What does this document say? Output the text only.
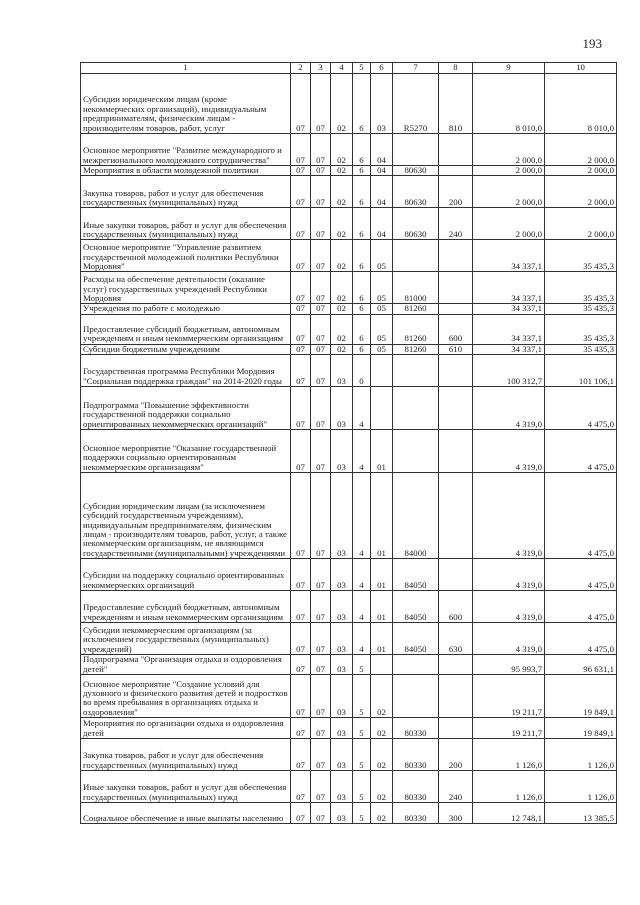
193
1	2	3	4	5	6	7	8	9	10
Субсидии юридическим лицам (кроме некоммерческих организаций), индивидуальным предпринимателям, физическим лицам - производителям товаров, работ, услуг	07	07	02	6	03	R5270	810	8 010,0	8 010,0
Основное мероприятие "Развитие международного и межрегионального молодежного сотрудничества"	07	07	02	6	04			2 000,0	2 000,0
Мероприятия в области молодежной политики	07	07	02	6	04	80630		2 000,0	2 000,0
Закупка товаров, работ и услуг для обеспечения государственных (муниципальных) нужд	07	07	02	6	04	80630	200	2 000,0	2 000,0
Иные закупки товаров, работ и услуг для обеспечения государственных (муниципальных) нужд	07	07	02	6	04	80630	240	2 000,0	2 000,0
Основное мероприятие "Управление развитием государственной молодежной политики Республики Мордовия"	07	07	02	6	05			34 337,1	35 435,3
Расходы на обеспечение деятельности (оказание услуг) государственных учреждений Республики Мордовия	07	07	02	6	05	81000		34 337,1	35 435,3
Учреждения по работе с молодежью	07	07	02	6	05	81260		34 337,1	35 435,3
Предоставление субсидий бюджетным, автономным учреждениям и иным некоммерческим организациям	07	07	02	6	05	81260	600	34 337,1	35 435,3
Субсидии бюджетным учреждениям	07	07	02	6	05	81260	610	34 337,1	35 435,3
Государственная программа Республики Мордовия "Социальная поддержка граждан" на 2014-2020 годы	07	07	03	0				100 312,7	101 106,1
Подпрограмма "Повышение эффективности государственной поддержки социально ориентированных некоммерческих организаций"	07	07	03	4				4 319,0	4 475,0
Основное мероприятие "Оказание государственной поддержки социально ориентированным некоммерческим организациям"	07	07	03	4	01			4 319,0	4 475,0
Субсидии юридическим лицам (за исключением субсидий государственным учреждениям), индивидуальным предпринимателям, физическим лицам - производителям товаров, работ, услуг, а также некоммерческим организациям, не являющимся государственными (муниципальными) учреждениями	07	07	03	4	01	84000		4 319,0	4 475,0
Субсидии на поддержку социально ориентированных некоммерческих организаций	07	07	03	4	01	84050		4 319,0	4 475,0
Предоставление субсидий бюджетным, автономным учреждениям и иным некоммерческим организациям	07	07	03	4	01	84050	600	4 319,0	4 475,0
Субсидии некоммерческим организациям (за исключением государственных (муниципальных) учреждений)	07	07	03	4	01	84050	630	4 319,0	4 475,0
Подпрограмма "Организация отдыха и оздоровления детей"	07	07	03	5				95 993,7	96 631,1
Основное мероприятие "Создание условий для духовного и физического развития детей и подростков во время пребывания в организациях отдыха и оздоровления"	07	07	03	5	02			19 211,7	19 849,1
Мероприятия по организации отдыха и оздоровления детей	07	07	03	5	02	80330		19 211,7	19 849,1
Закупка товаров, работ и услуг для обеспечения государственных (муниципальных) нужд	07	07	03	5	02	80330	200	1 126,0	1 126,0
Иные закупки товаров, работ и услуг для обеспечения государственных (муниципальных) нужд	07	07	03	5	02	80330	240	1 126,0	1 126,0
Социальное обеспечение и иные выплаты населению	07	07	03	5	02	80330	300	12 748,1	13 385,5
